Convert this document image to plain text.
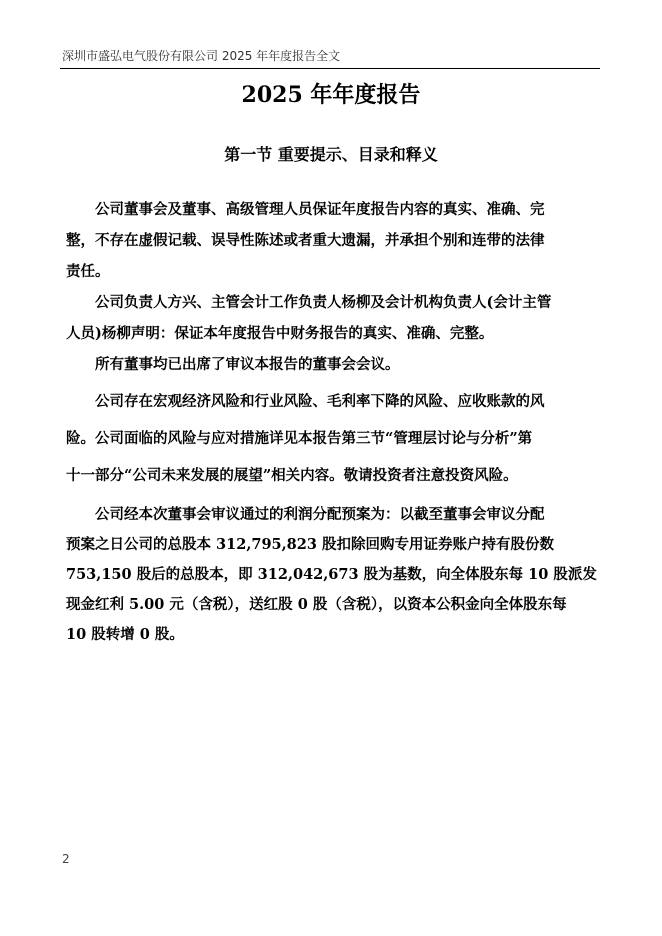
深圳市盛弘电气股份有限公司 2025 年年度报告全文
2025 年年度报告
第一节 重要提示、目录和释义

公司董事会及董事、高级管理人员保证年度报告内容的真实、准确、完
整，不存在虚假记载、误导性陈述或者重大遗漏，并承担个别和连带的法律
责任。

公司负责人方兴、主管会计工作负责人杨柳及会计机构负责人(会计主管
人员)杨柳声明：保证本年度报告中财务报告的真实、准确、完整。

所有董事均已出席了审议本报告的董事会会议。

公司存在宏观经济风险和行业风险、毛利率下降的风险、应收账款的风
险。公司面临的风险与应对措施详见本报告第三节“管理层讨论与分析”第
十一部分“公司未来发展的展望”相关内容。敬请投资者注意投资风险。

公司经本次董事会审议通过的利润分配预案为：以截至董事会审议分配
预案之日公司的总股本 312,795,823 股扣除回购专用证券账户持有股份数
753,150 股后的总股本，即 312,042,673 股为基数，向全体股东每 10 股派发
现金红利 5.00 元（含税），送红股 0 股（含税），以资本公积金向全体股东每
10 股转增 0 股。

2
